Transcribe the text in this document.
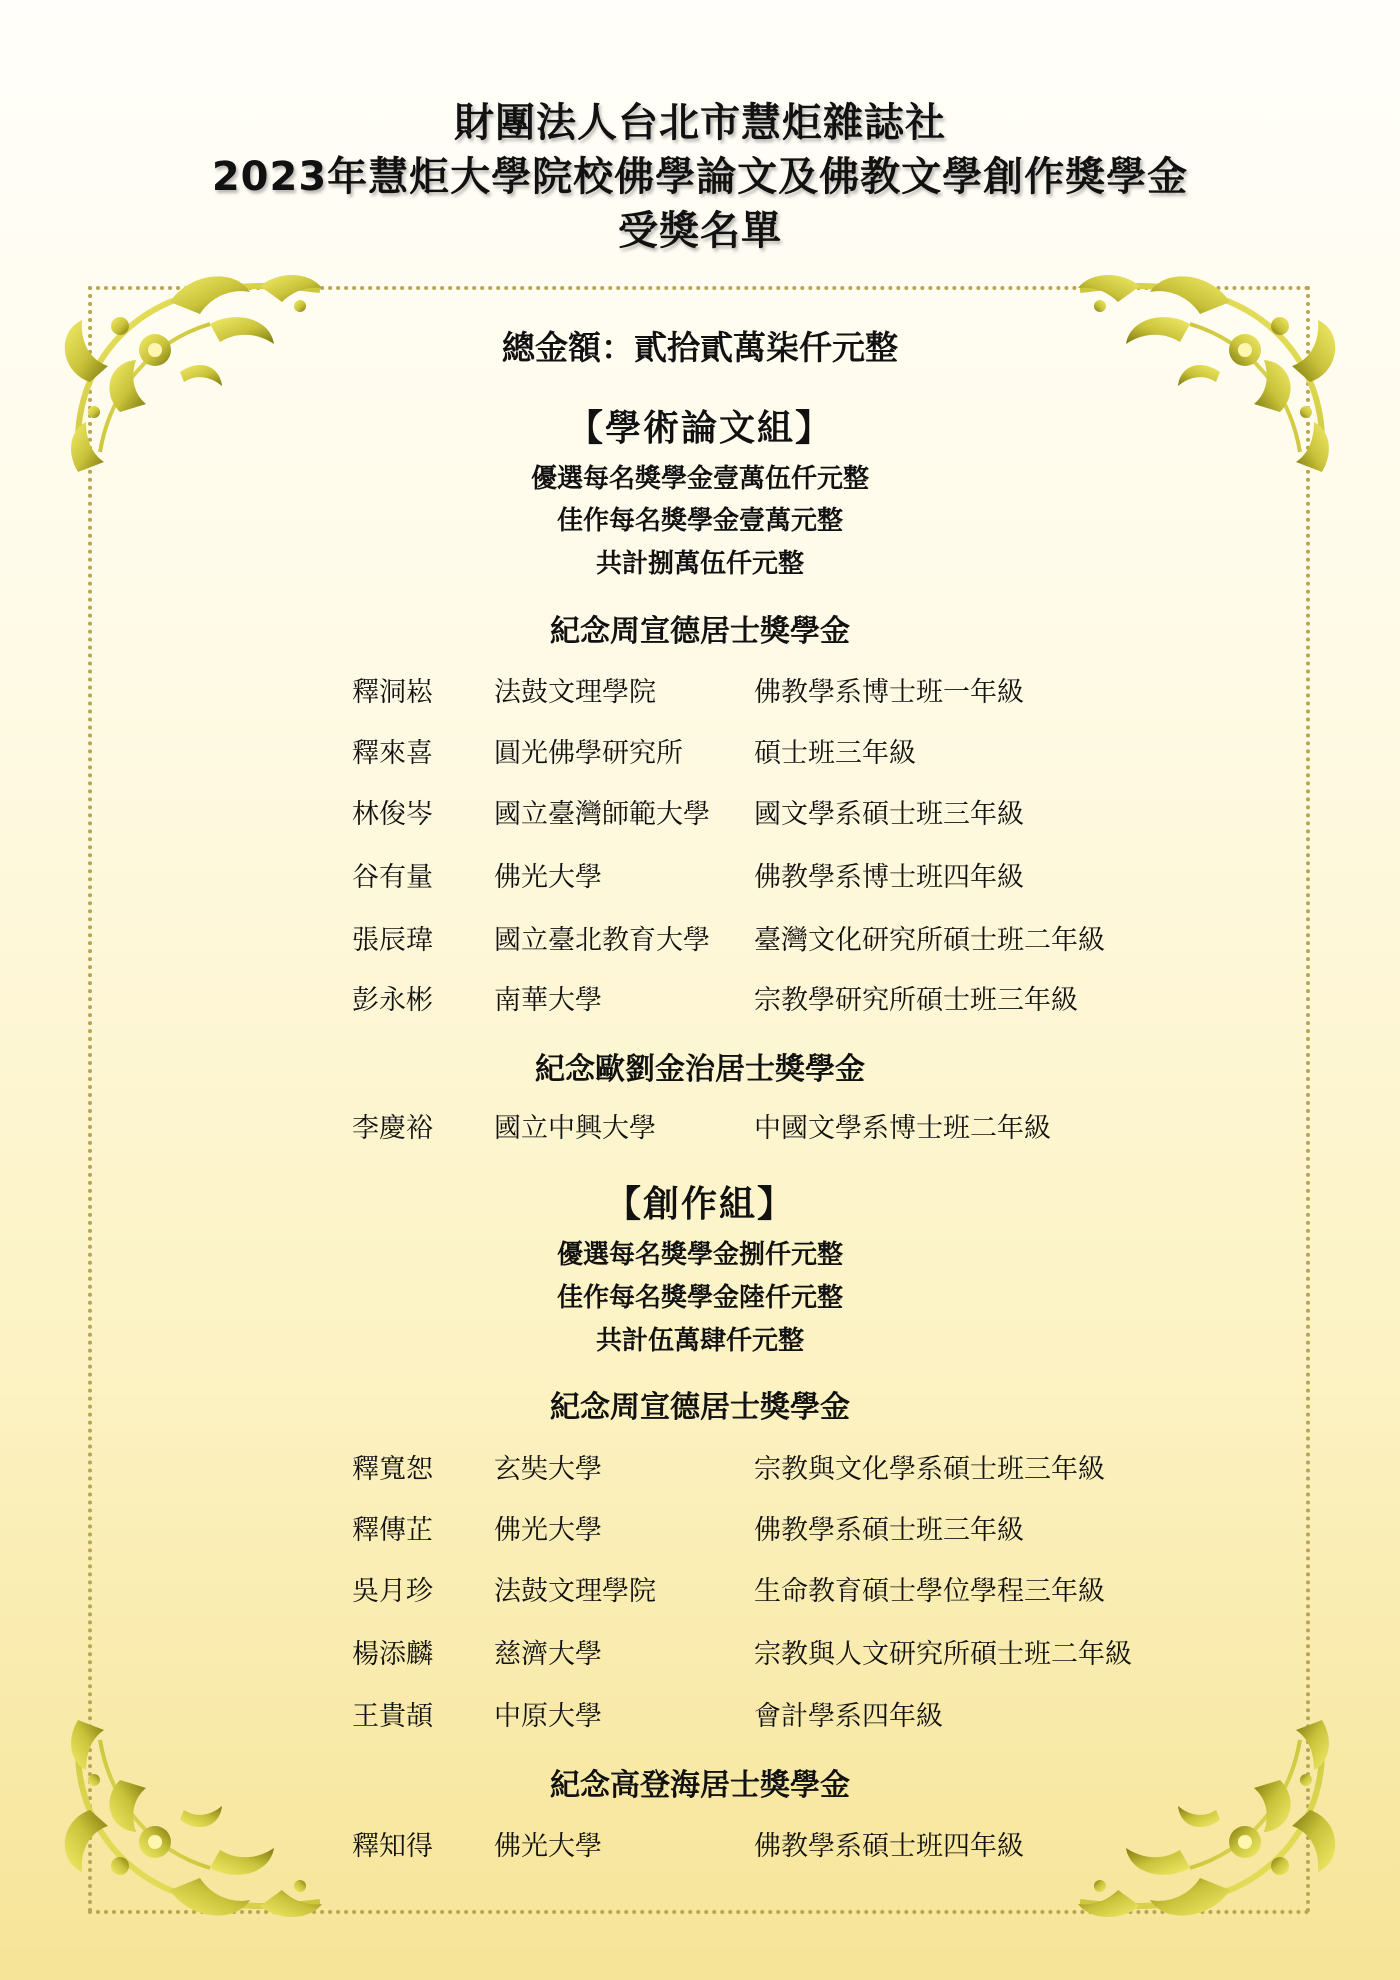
財團法人台北市慧炬雜誌社
2023年慧炬大學院校佛學論文及佛教文學創作獎學金
受獎名單
總金額：貳拾貳萬柒仟元整
【學術論文組】
優選每名獎學金壹萬伍仟元整
佳作每名獎學金壹萬元整
共計捌萬伍仟元整
紀念周宣德居士獎學金
釋洞崧 法鼓文理學院	佛教學系博士班一年級
釋來喜 圓光佛學研究所	碩士班三年級
林俊岑 國立臺灣師範大學 國文學系碩士班三年級
谷有量 佛光大學	佛教學系博士班四年級
張辰瑋 國立臺北教育大學 臺灣文化研究所碩士班二年級
彭永彬 南華大學	宗教學研究所碩士班三年級
紀念歐劉金治居士獎學金
李慶裕 國立中興大學	中國文學系博士班二年級
【創作組】
優選每名獎學金捌仟元整
佳作每名獎學金陸仟元整
共計伍萬肆仟元整
紀念周宣德居士獎學金
釋寬恕 玄奘大學	宗教與文化學系碩士班三年級
釋傳芷 佛光大學	佛教學系碩士班三年級
吳月珍 法鼓文理學院	生命教育碩士學位學程三年級
楊添麟 慈濟大學	宗教與人文研究所碩士班二年級
王貴頡 中原大學	會計學系四年級
紀念高登海居士獎學金
釋知得 佛光大學	佛教學系碩士班四年級
